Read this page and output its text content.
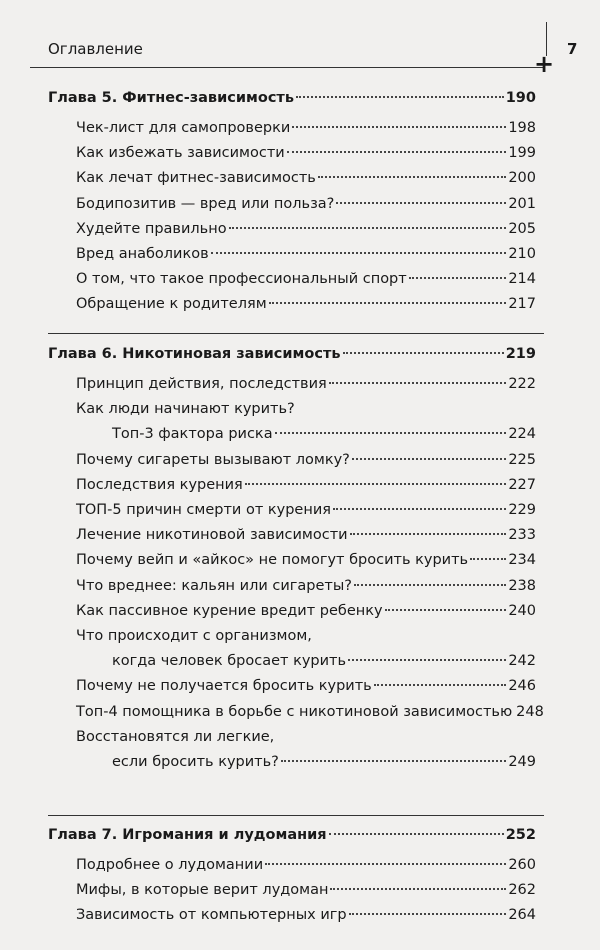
Оглавление	7
+
Глава 5. Фитнес-зависимость	190
Чек-лист для самопроверки	198
Как избежать зависимости	199
Как лечат фитнес-зависимость	200
Бодипозитив — вред или польза?	201
Худейте правильно	205
Вред анаболиков	210
О том, что такое профессиональный спорт	214
Обращение к родителям	217
Глава 6. Никотиновая зависимость	219
Принцип действия, последствия	222
Как люди начинают курить?
Топ-3 фактора риска	224
Почему сигареты вызывают ломку?	225
Последствия курения	227
ТОП-5 причин смерти от курения	229
Лечение никотиновой зависимости	233
Почему вейп и «айкос» не помогут бросить курить	234
Что вреднее: кальян или сигареты?	238
Как пассивное курение вредит ребенку	240
Что происходит с организмом,
когда человек бросает курить	242
Почему не получается бросить курить	246
Топ-4 помощника в борьбе с никотиновой зависимостью 248
Восстановятся ли легкие,
если бросить курить?	249
Глава 7. Игромания и лудомания	252
Подробнее о лудомании	260
Мифы, в которые верит лудоман	262
Зависимость от компьютерных игр	264
